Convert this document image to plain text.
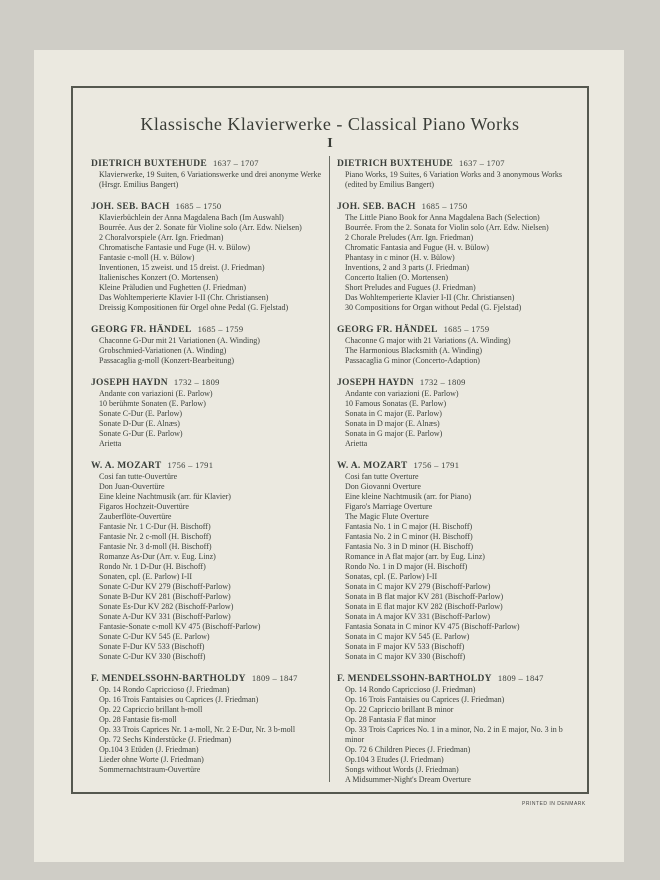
Klassische Klavierwerke - Classical Piano Works
I
DIETRICH BUXTEHUDE 1637 – 1707
Klavierwerke, 19 Suiten, 6 Variationswerke und drei anonyme Werke (Hrsgr. Emilius Bangert)
JOH. SEB. BACH 1685 – 1750
Klavierbüchlein der Anna Magdalena Bach (Im Auswahl)
Bourrée. Aus der 2. Sonate für Violine solo (Arr. Edw. Nielsen)
2 Choralvorspiele (Arr. Ign. Friedman)
Chromatische Fantasie und Fuge (H. v. Bülow)
Fantasie c-moll (H. v. Bülow)
Inventionen, 15 zweist. und 15 dreist. (J. Friedman)
Italienisches Konzert (O. Mortensen)
Kleine Präludien und Fughetten (J. Friedman)
Das Wohltemperierte Klavier I-II (Chr. Christiansen)
Dreissig Kompositionen für Orgel ohne Pedal (G. Fjelstad)
GEORG FR. HÄNDEL 1685 – 1759
Chaconne G-Dur mit 21 Variationen (A. Winding)
Grobschmied-Variationen (A. Winding)
Passacaglia g-moll (Konzert-Bearbeitung)
JOSEPH HAYDN 1732 – 1809
Andante con variazioni (E. Parlow)
10 berühmte Sonaten (E. Parlow)
Sonate C-Dur (E. Parlow)
Sonate D-Dur (E. Alnæs)
Sonate G-Dur (E. Parlow)
Arietta
W. A. MOZART 1756 – 1791
Cosi fan tutte-Ouvertüre
Don Juan-Ouvertüre
Eine kleine Nachtmusik (arr. für Klavier)
Figaros Hochzeit-Ouvertüre
Zauberflöte-Ouvertüre
Fantasie Nr. 1 C-Dur (H. Bischoff)
Fantasie Nr. 2 c-moll (H. Bischoff)
Fantasie Nr. 3 d-moll (H. Bischoff)
Romanze As-Dur (Arr. v. Eug. Linz)
Rondo Nr. 1 D-Dur (H. Bischoff)
Sonaten, cpl. (E. Parlow) I-II
Sonate C-Dur KV 279 (Bischoff-Parlow)
Sonate B-Dur KV 281 (Bischoff-Parlow)
Sonate Es-Dur KV 282 (Bischoff-Parlow)
Sonate A-Dur KV 331 (Bischoff-Parlow)
Fantasie-Sonate c-moll KV 475 (Bischoff-Parlow)
Sonate C-Dur KV 545 (E. Parlow)
Sonate F-Dur KV 533 (Bischoff)
Sonate C-Dur KV 330 (Bischoff)
F. MENDELSSOHN-BARTHOLDY 1809 – 1847
Op. 14 Rondo Capriccioso (J. Friedman)
Op. 16 Trois Fantaisies ou Caprices (J. Friedman)
Op. 22 Capriccio brillant h-moll
Op. 28 Fantasie fis-moll
Op. 33 Trois Caprices Nr. 1 a-moll, Nr. 2 E-Dur, Nr. 3 b-moll
Op. 72 Sechs Kinderstücke (J. Friedman)
Op.104 3 Etüden (J. Friedman)
Lieder ohne Worte (J. Friedman)
Sommernachtstraum-Ouvertüre
DIETRICH BUXTEHUDE 1637 – 1707
Piano Works, 19 Suites, 6 Variation Works and 3 anonymous Works (edited by Emilius Bangert)
JOH. SEB. BACH 1685 – 1750
The Little Piano Book for Anna Magdalena Bach (Selection)
Bourrée. From the 2. Sonata for Violin solo (Arr. Edw. Nielsen)
2 Chorale Preludes (Arr. Ign. Friedman)
Chromatic Fantasia and Fugue (H. v. Bülow)
Phantasy in c minor (H. v. Bülow)
Inventions, 2 and 3 parts (J. Friedman)
Concerto Italien (O. Mortensen)
Short Preludes and Fugues (J. Friedman)
Das Wohltemperierte Klavier I-II (Chr. Christiansen)
30 Compositions for Organ without Pedal (G. Fjelstad)
GEORG FR. HÄNDEL 1685 – 1759
Chaconne G major with 21 Variations (A. Winding)
The Harmonious Blacksmith (A. Winding)
Passacaglia G minor (Concerto-Adaption)
JOSEPH HAYDN 1732 – 1809
Andante con variazioni (E. Parlow)
10 Famous Sonatas (E. Parlow)
Sonata in C major (E. Parlow)
Sonata in D major (E. Alnæs)
Sonata in G major (E. Parlow)
Arietta
W. A. MOZART 1756 – 1791
Cosi fan tutte Overture
Don Giovanni Overture
Eine kleine Nachtmusik (arr. for Piano)
Figaro's Marriage Overture
The Magic Flute Overture
Fantasia No. 1 in C major (H. Bischoff)
Fantasia No. 2 in C minor (H. Bischoff)
Fantasia No. 3 in D minor (H. Bischoff)
Romance in A flat major (arr. by Eug. Linz)
Rondo No. 1 in D major (H. Bischoff)
Sonatas, cpl. (E. Parlow) I-II
Sonata in C major KV 279 (Bischoff-Parlow)
Sonata in B flat major KV 281 (Bischoff-Parlow)
Sonata in E flat major KV 282 (Bischoff-Parlow)
Sonata in A major KV 331 (Bischoff-Parlow)
Fantasia Sonata in C minor KV 475 (Bischoff-Parlow)
Sonata in C major KV 545 (E. Parlow)
Sonata in F major KV 533 (Bischoff)
Sonata in C major KV 330 (Bischoff)
F. MENDELSSOHN-BARTHOLDY 1809 – 1847
Op. 14 Rondo Capriccioso (J. Friedman)
Op. 16 Trois Fantaisies ou Caprices (J. Friedman)
Op. 22 Capriccio brillant B minor
Op. 28 Fantasia F flat minor
Op. 33 Trois Caprices No. 1 in a minor, No. 2 in E major, No. 3 in b minor
Op. 72 6 Children Pieces (J. Friedman)
Op.104 3 Etudes (J. Friedman)
Songs without Words (J. Friedman)
A Midsummer-Night's Dream Overture
PRINTED IN DENMARK
